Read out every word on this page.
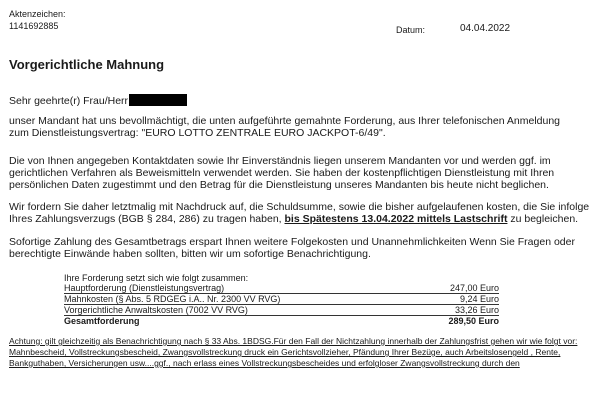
Aktenzeichen:
1141692885	Datum:	04.04.2022
Vorgerichtliche Mahnung
Sehr geehrte(r) Frau/Herr
unser Mandant hat uns bevollmächtigt, die unten aufgeführte gemahnte Forderung, aus Ihrer telefonischen Anmeldung
zum Dienstleistungsvertrag: "EURO LOTTO ZENTRALE EURO JACKPOT-6/49".
Die von Ihnen angegeben Kontaktdaten sowie Ihr Einverständnis liegen unserem Mandanten vor und werden ggf. im
gerichtlichen Verfahren als Beweismitteln verwendet werden. Sie haben der kostenpflichtigen Dienstleistung mit Ihren
persönlichen Daten zugestimmt und den Betrag für die Dienstleistung unseres Mandanten bis heute nicht beglichen.
Wir fordern Sie daher letztmalig mit Nachdruck auf, die Schuldsumme, sowie die bisher aufgelaufenen kosten, die Sie infolge
Ihres Zahlungsverzugs (BGB § 284, 286) zu tragen haben, bis Spätestens 13.04.2022 mittels Lastschrift zu begleichen.
Sofortige Zahlung des Gesamtbetrags erspart Ihnen weitere Folgekosten und Unannehmlichkeiten Wenn Sie Fragen oder
berechtigte Einwände haben sollten, bitten wir um sofortige Benachrichtigung.
Ihre Forderung setzt sich wie folgt zusammen:
Hauptforderung (Dienstleistungsvertrag)	247,00 Euro
Mahnkosten (§ Abs. 5 RDGEG i.A.. Nr. 2300 VV RVG)	9,24 Euro
Vorgerichtliche Anwaltskosten (7002 VV RVG)	33,26 Euro
Gesamtforderung	289,50 Euro
Achtung: gilt gleichzeitig als Benachrichtigung nach § 33 Abs. 1BDSG.Für den Fall der Nichtzahlung innerhalb der Zahlungsfrist gehen wir wie folgt vor:
Mahnbescheid, Vollstreckungsbescheid, Zwangsvollstreckung druck ein Gerichtsvollzieher, Pfändung Ihrer Bezüge, auch Arbeitslosengeld , Rente,
Bankguthaben, Versicherungen usw....ggf., nach erlass eines Vollstreckungsbescheides und erfolgloser Zwangsvollstreckung durch den
